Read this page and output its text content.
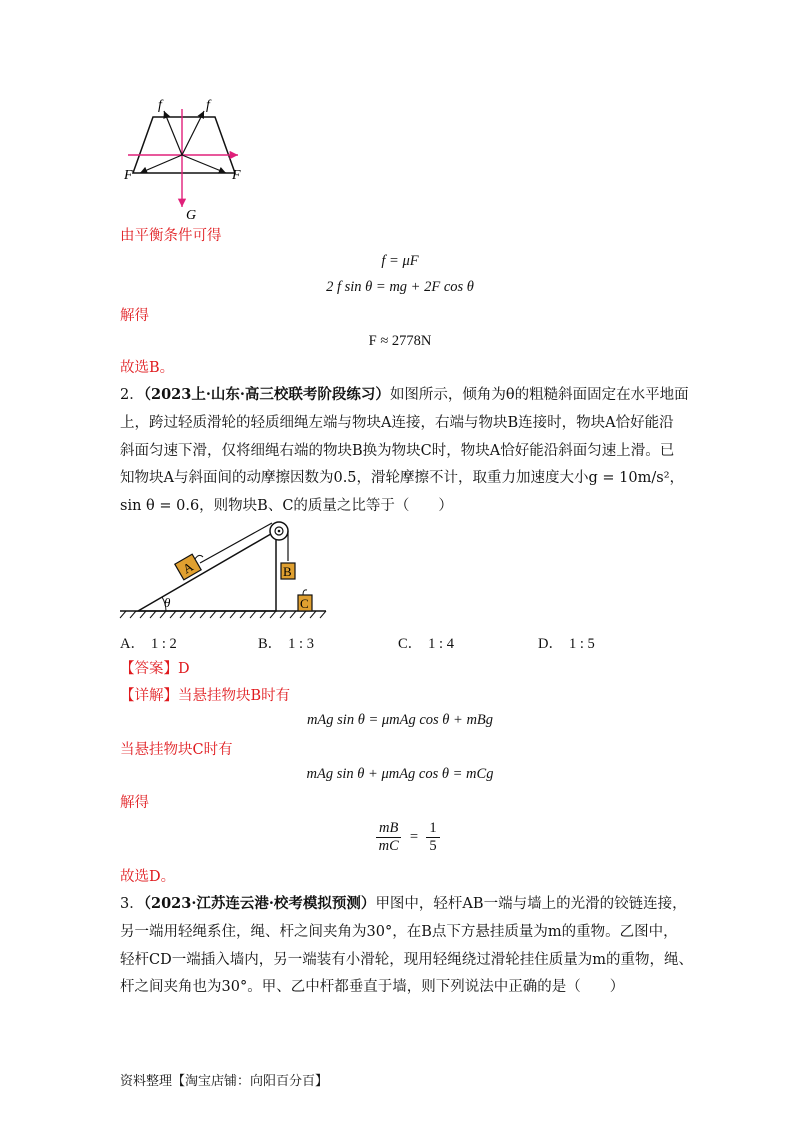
f	f
F	F
G
由平衡条件可得
f = μF
2 f sin θ = mg + 2F cos θ
解得
F ≈ 2778N
故选B。
2．（2023上·山东·高三校联考阶段练习）如图所示，倾角为θ的粗糙斜面固定在水平地面
上，跨过轻质滑轮的轻质细绳左端与物块A连接，右端与物块B连接时，物块A恰好能沿
斜面匀速下滑，仅将细绳右端的物块B换为物块C时，物块A恰好能沿斜面匀速上滑。已
知物块A与斜面间的动摩擦因数为0.5，滑轮摩擦不计，取重力加速度大小g = 10m/s²，
sin θ = 0.6，则物块B、C的质量之比等于（　　）
θ
A	B
C
A． 1 : 2	B． 1 : 3	C． 1 : 4	D． 1 : 5
【答案】D
【详解】当悬挂物块B时有
mAg sin θ = μmAg cos θ + mBg
当悬挂物块C时有
mAg sin θ + μmAg cos θ = mCg
解得
$\frac{mB}{mC} = \frac{1}{5}$
故选D。
3．（2023·江苏连云港·校考模拟预测）甲图中，轻杆AB一端与墙上的光滑的铰链连接，
另一端用轻绳系住，绳、杆之间夹角为30°，在B点下方悬挂质量为m的重物。乙图中，
轻杆CD一端插入墙内，另一端装有小滑轮，现用轻绳绕过滑轮挂住质量为m的重物，绳、
杆之间夹角也为30°。甲、乙中杆都垂直于墙，则下列说法中正确的是（　　）
资料整理【淘宝店铺：向阳百分百】
